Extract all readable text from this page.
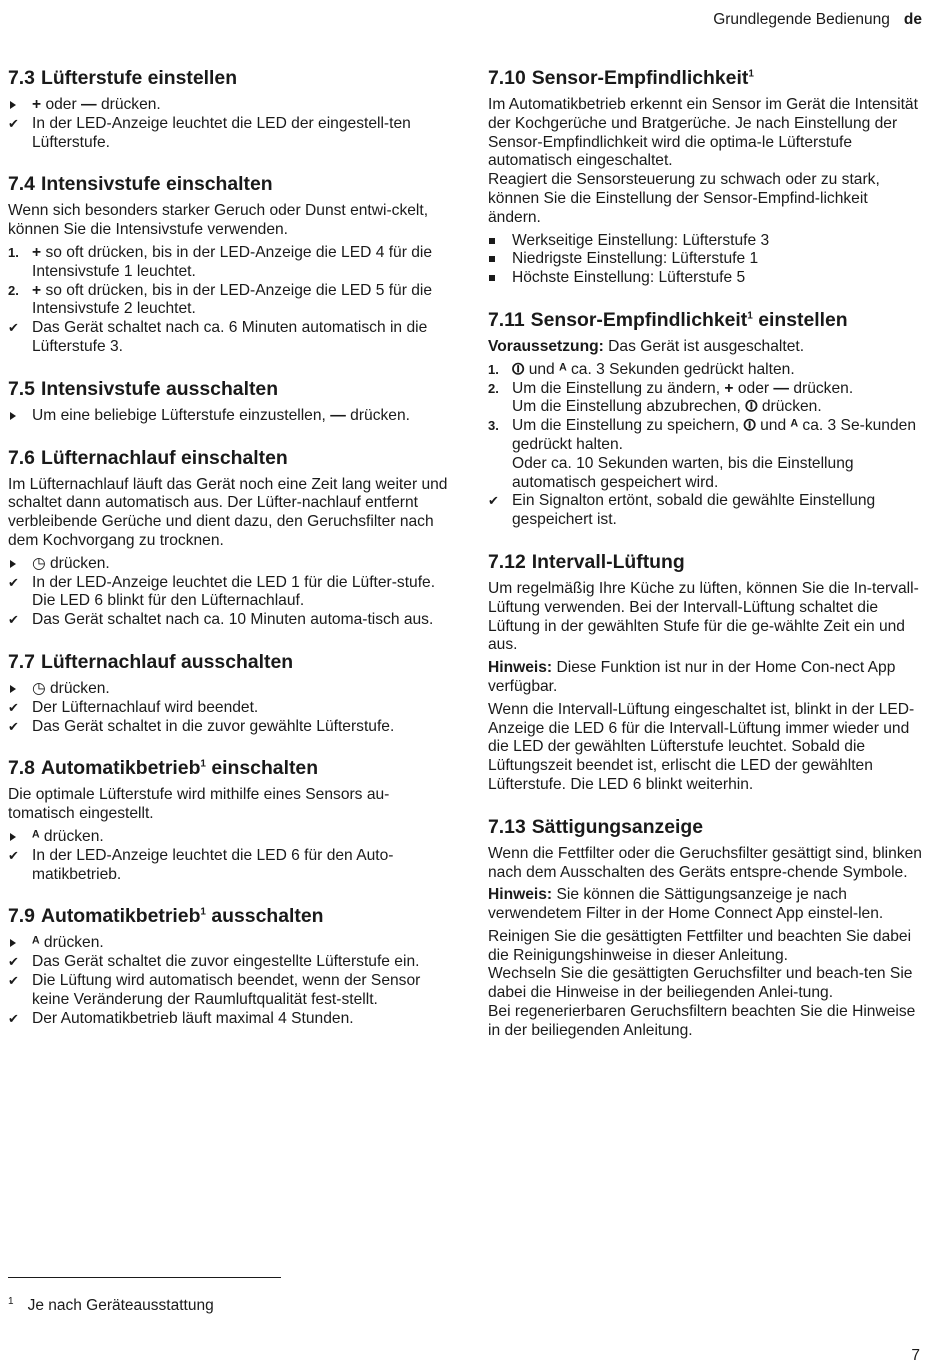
Grundlegende Bedienung de
7.3 Lüfterstufe einstellen
+ oder — drücken.
✔ In der LED-Anzeige leuchtet die LED der eingestell-ten Lüfterstufe.
7.4 Intensivstufe einschalten

Wenn sich besonders starker Geruch oder Dunst entwi-ckelt, können Sie die Intensivstufe verwenden.

1. + so oft drücken, bis in der LED-Anzeige die LED 4 für die Intensivstufe 1 leuchtet.
2. + so oft drücken, bis in der LED-Anzeige die LED 5 für die Intensivstufe 2 leuchtet.
✔ Das Gerät schaltet nach ca. 6 Minuten automatisch in die Lüfterstufe 3.
7.5 Intensivstufe ausschalten
Um eine beliebige Lüfterstufe einzustellen, — drücken.
7.6 Lüfternachlauf einschalten

Im Lüfternachlauf läuft das Gerät noch eine Zeit lang weiter und schaltet dann automatisch aus. Der Lüfter-nachlauf entfernt verbleibende Gerüche und dient dazu, den Geruchsfilter nach dem Kochvorgang zu trocknen.

◷ drücken.
✔ In der LED-Anzeige leuchtet die LED 1 für die Lüfter-stufe. Die LED 6 blinkt für den Lüfternachlauf.
✔ Das Gerät schaltet nach ca. 10 Minuten automa-tisch aus.
7.7 Lüfternachlauf ausschalten
◷ drücken.
✔ Der Lüfternachlauf wird beendet.
✔ Das Gerät schaltet in die zuvor gewählte Lüfterstufe.
7.8 Automatikbetrieb$^1$ einschalten

Die optimale Lüfterstufe wird mithilfe eines Sensors au-tomatisch eingestellt.

ᴬ drücken.
✔ In der LED-Anzeige leuchtet die LED 6 für den Auto-matikbetrieb.
7.9 Automatikbetrieb$^1$ ausschalten
ᴬ drücken.
✔ Das Gerät schaltet die zuvor eingestellte Lüfterstufe ein.
✔ Die Lüftung wird automatisch beendet, wenn der Sensor keine Veränderung der Raumluftqualität fest-stellt.
✔ Der Automatikbetrieb läuft maximal 4 Stunden.
7.10 Sensor-Empfindlichkeit$^1$

Im Automatikbetrieb erkennt ein Sensor im Gerät die Intensität der Kochgerüche und Bratgerüche. Je nach Einstellung der Sensor-Empfindlichkeit wird die optima-le Lüfterstufe automatisch eingeschaltet.

Reagiert die Sensorsteuerung zu schwach oder zu stark, können Sie die Einstellung der Sensor-Empfind-lichkeit ändern.

Werkseitige Einstellung: Lüfterstufe 3
Niedrigste Einstellung: Lüfterstufe 1
Höchste Einstellung: Lüfterstufe 5
7.11 Sensor-Empfindlichkeit$^1$ einstellen

Voraussetzung: Das Gerät ist ausgeschaltet.

1. ⏼ und ᴬ ca. 3 Sekunden gedrückt halten.
2. Um die Einstellung zu ändern, + oder — drücken.
Um die Einstellung abzubrechen, ⏼ drücken.
3. Um die Einstellung zu speichern, ⏼ und ᴬ ca. 3 Se-kunden gedrückt halten.
Oder ca. 10 Sekunden warten, bis die Einstellung automatisch gespeichert wird.
✔ Ein Signalton ertönt, sobald die gewählte Einstellung gespeichert ist.
7.12 Intervall-Lüftung

Um regelmäßig Ihre Küche zu lüften, können Sie die In-tervall-Lüftung verwenden. Bei der Intervall-Lüftung schaltet die Lüftung in der gewählten Stufe für die ge-wählte Zeit ein und aus.

Hinweis: Diese Funktion ist nur in der Home Con-nect App verfügbar.

Wenn die Intervall-Lüftung eingeschaltet ist, blinkt in der LED-Anzeige die LED 6 für die Intervall-Lüftung immer wieder und die LED der gewählten Lüfterstufe leuchtet. Sobald die Lüftungszeit beendet ist, erlischt die LED der gewählten Lüfterstufe. Die LED 6 blinkt weiterhin.

7.13 Sättigungsanzeige

Wenn die Fettfilter oder die Geruchsfilter gesättigt sind, blinken nach dem Ausschalten des Geräts entspre-chende Symbole.

Hinweis: Sie können die Sättigungsanzeige je nach verwendetem Filter in der Home Connect App einstel-len.

Reinigen Sie die gesättigten Fettfilter und beachten Sie dabei die Reinigungshinweise in dieser Anleitung.

Wechseln Sie die gesättigten Geruchsfilter und beach-ten Sie dabei die Hinweise in der beiliegenden Anlei-tung.

Bei regenerierbaren Geruchsfiltern beachten Sie die Hinweise in der beiliegenden Anleitung.

$^1$ Je nach Geräteausstattung
7
